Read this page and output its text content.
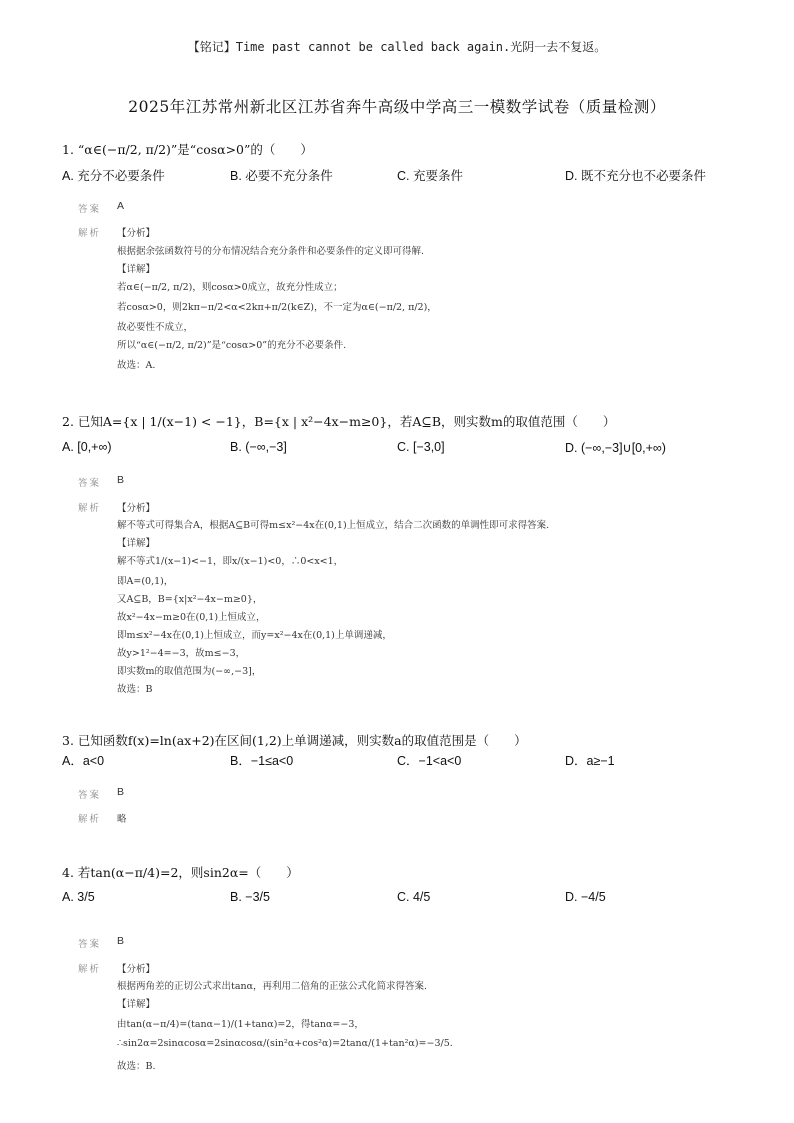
【铭记】Time past cannot be called back again.光阴一去不复返。
2025年江苏常州新北区江苏省奔牛高级中学高三一模数学试卷（质量检测）
1. “α∈(−π/2, π/2)”是“cosα>0”的（　　）
A. 充分不必要条件	B. 必要不充分条件	C. 充要条件	D. 既不充分也不必要条件
答案 A
解析 【分析】
根据据余弦函数符号的分布情况结合充分条件和必要条件的定义即可得解.
【详解】
若α∈(−π/2, π/2)，则cosα>0成立，故充分性成立；
若cosα>0，则2kπ−π/2<α<2kπ+π/2(k∈Z)，不一定为α∈(−π/2, π/2)，
故必要性不成立，
所以“α∈(−π/2, π/2)”是“cosα>0”的充分不必要条件.
故选：A.
2. 已知A={x | 1/(x−1) < −1}，B={x | x²−4x−m≥0}，若A⊆B，则实数m的取值范围（　　）
A. [0,+∞)	B. (−∞,−3]	C. [−3,0]	D. (−∞,−3]∪[0,+∞)
答案 B
解析 【分析】
解不等式可得集合A，根据A⊆B可得m≤x²−4x在(0,1)上恒成立，结合二次函数的单调性即可求得答案.
【详解】
解不等式1/(x−1)<−1，即x/(x−1)<0，∴0<x<1，
即A=(0,1)，
又A⊆B，B={x|x²−4x−m≥0}，
故x²−4x−m≥0在(0,1)上恒成立，
即m≤x²−4x在(0,1)上恒成立，而y=x²−4x在(0,1)上单调递减，
故y>1²−4=−3，故m≤−3，
即实数m的取值范围为(−∞,−3]，
故选：B
3. 已知函数f(x)=ln(ax+2)在区间(1,2)上单调递减，则实数a的取值范围是（　　）
A．a<0	B．−1≤a<0	C．−1<a<0	D．a≥−1
答案 B
解析 略
4. 若tan(α−π/4)=2，则sin2α=（　　）
A. 3/5	B. −3/5	C. 4/5	D. −4/5
答案 B
解析 【分析】
根据两角差的正切公式求出tanα，再利用二倍角的正弦公式化简求得答案.
【详解】
由tan(α−π/4)=(tanα−1)/(1+tanα)=2，得tanα=−3，
∴sin2α=2sinαcosα=2sinαcosα/(sin²α+cos²α)=2tanα/(1+tan²α)=−3/5.
故选：B.
